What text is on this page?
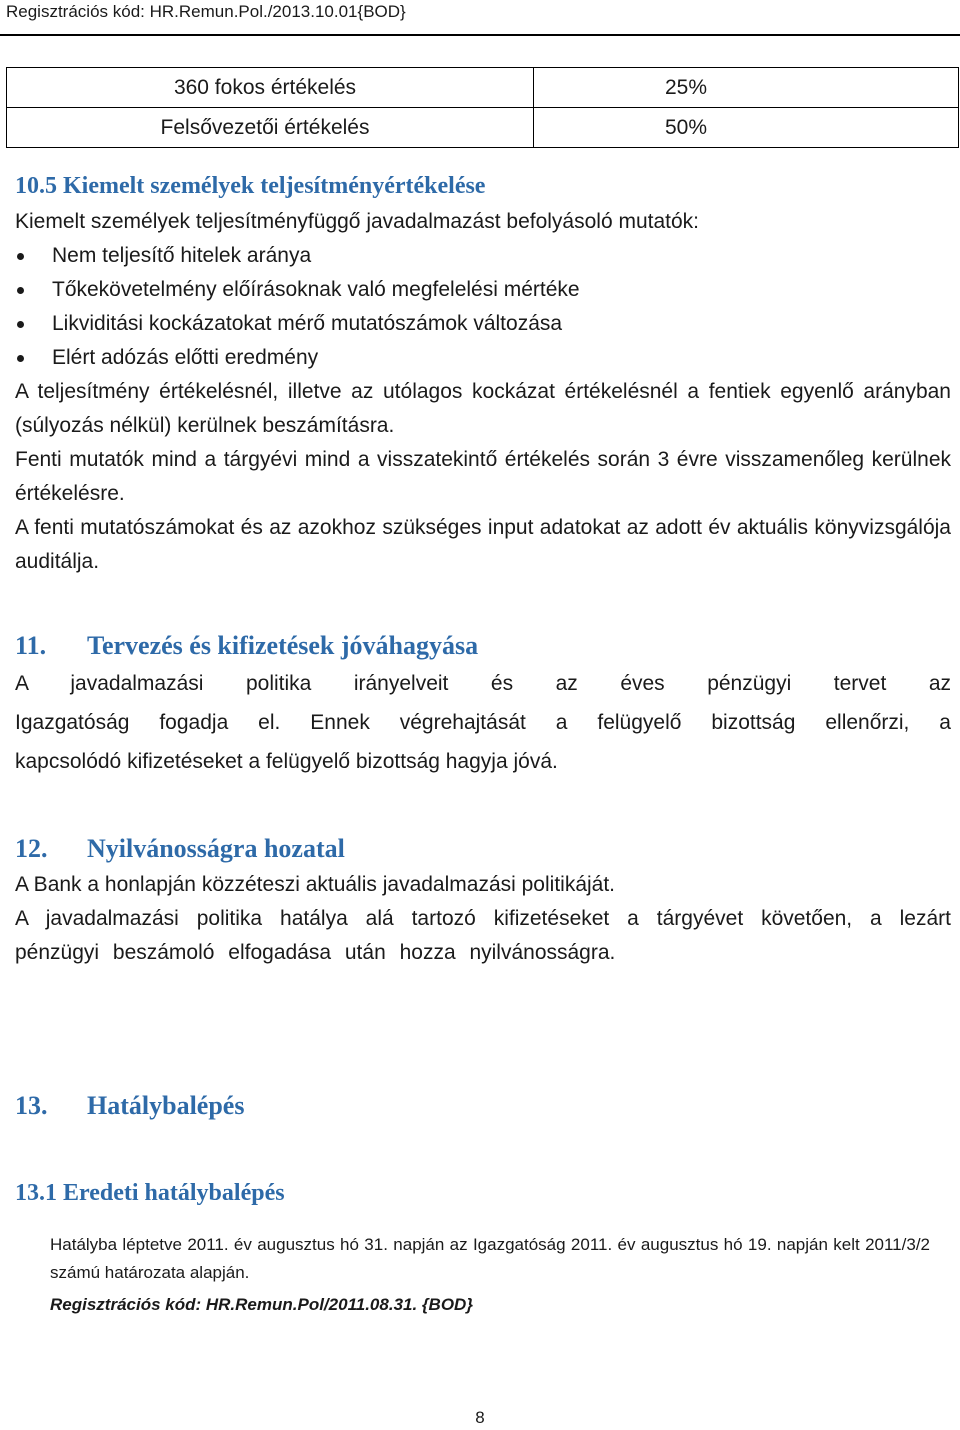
Regisztrációs kód: HR.Remun.Pol./2013.10.01{BOD}
360 fokos értékelés	25%
Felsővezetői értékelés	50%
10.5 Kiemelt személyek teljesítményértékelése

Kiemelt személyek teljesítményfüggő javadalmazást befolyásoló mutatók:

Nem teljesítő hitelek aránya
Tőkekövetelmény előírásoknak való megfelelési mértéke
Likviditási kockázatokat mérő mutatószámok változása
Elért adózás előtti eredmény

A teljesítmény értékelésnél, illetve az utólagos kockázat értékelésnél a fentiek egyenlő arányban (súlyozás nélkül) kerülnek beszámításra.

Fenti mutatók mind a tárgyévi mind a visszatekintő értékelés során 3 évre visszamenőleg kerülnek értékelésre.

A fenti mutatószámokat és az azokhoz szükséges input adatokat az adott év aktuális könyvizsgálója auditálja.

11. Tervezés és kifizetések jóváhagyása

A javadalmazási politika irányelveit és az éves pénzügyi tervet az

Igazgatóság fogadja el. Ennek végrehajtását a felügyelő bizottság ellenőrzi, a

kapcsolódó kifizetéseket a felügyelő bizottság hagyja jóvá.

12. Nyilvánosságra hozatal

A Bank a honlapján közzéteszi aktuális javadalmazási politikáját.

A javadalmazási politika hatálya alá tartozó kifizetéseket a tárgyévet követően, a lezárt pénzügyi beszámoló elfogadása után hozza nyilvánosságra.

13. Hatálybalépés
13.1 Eredeti hatálybalépés
Hatályba léptetve 2011. év augusztus hó 31. napján az Igazgatóság 2011. év augusztus hó 19. napján kelt 2011/3/2 számú határozata alapján.
Regisztrációs kód: HR.Remun.Pol/2011.08.31. {BOD}
8
